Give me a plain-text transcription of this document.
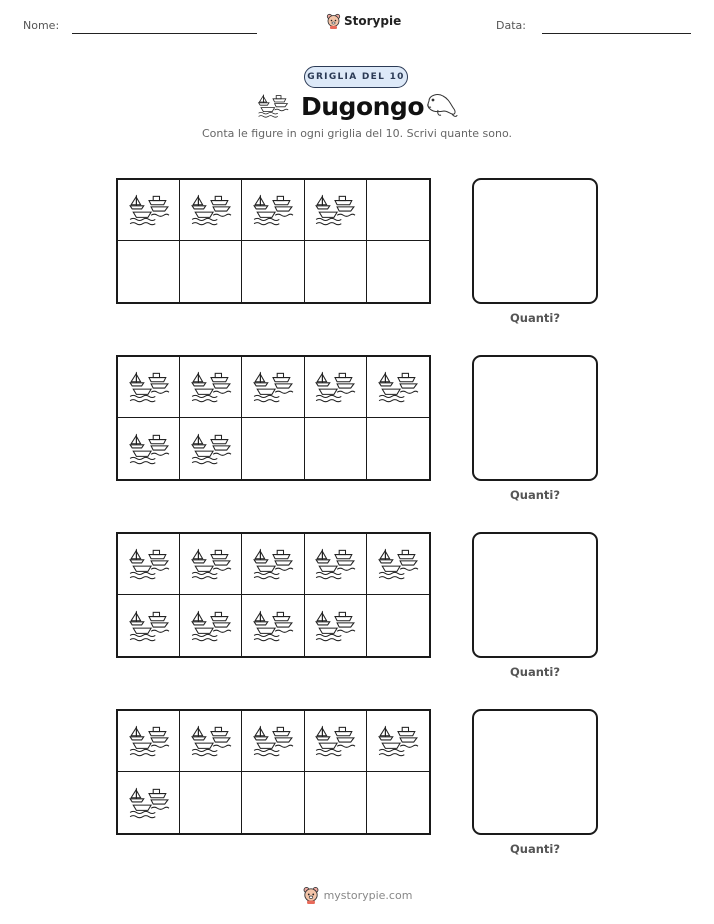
Nome:	Storypie	Data:
GRIGLIA DEL 10
Dugongo
Conta le figure in ogni griglia del 10. Scrivi quante sono.
Quanti?
Quanti?
Quanti?
Quanti?
mystorypie.com
